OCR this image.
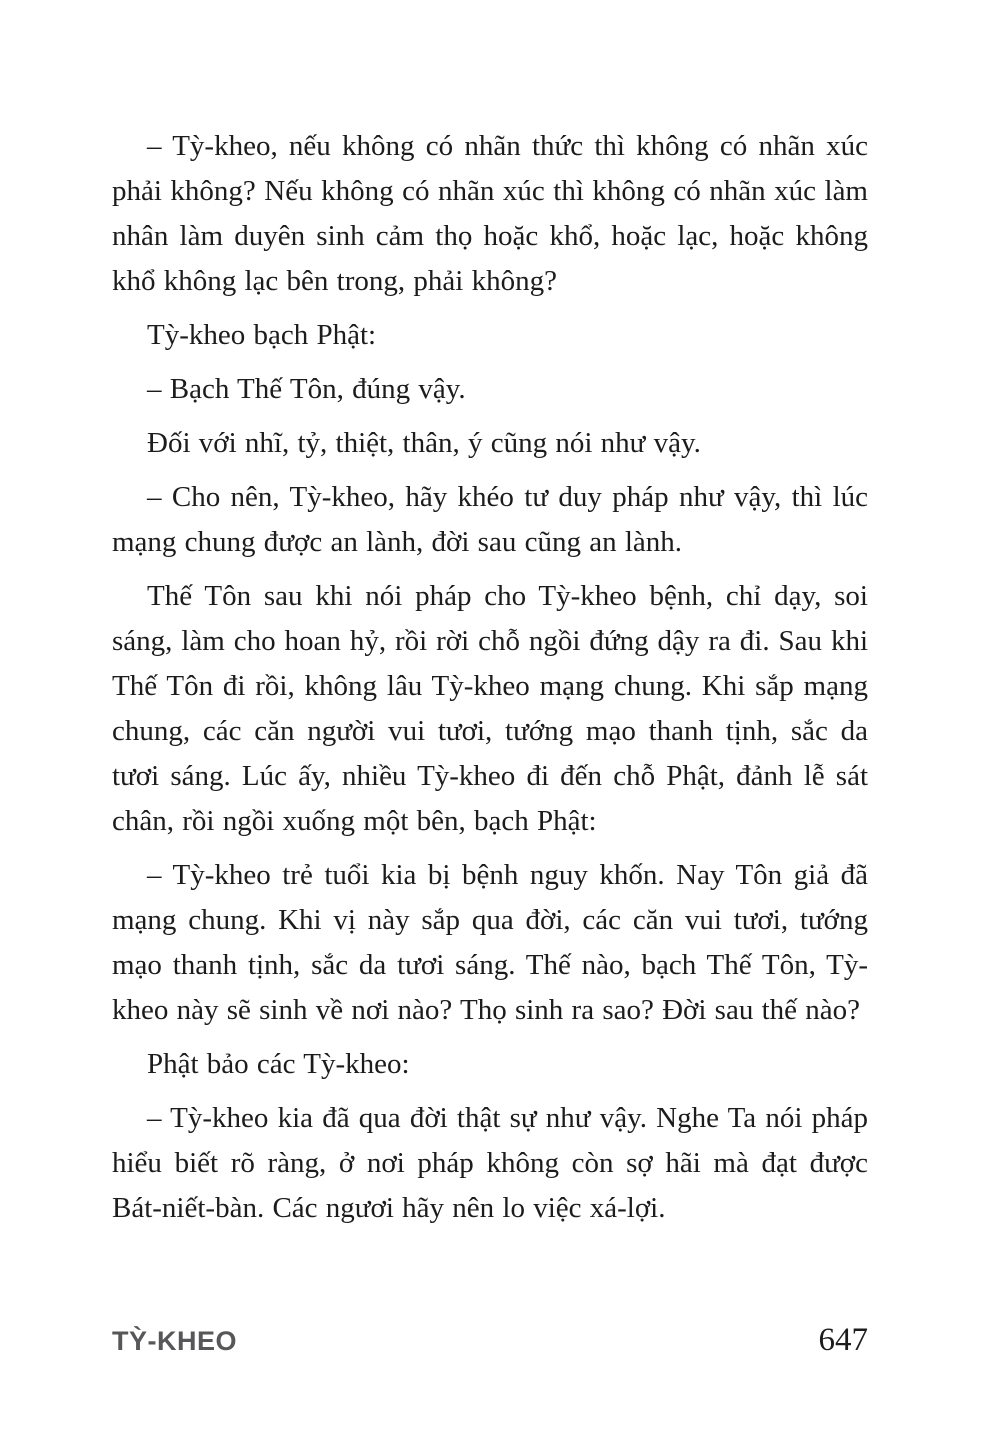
– Tỳ-kheo, nếu không có nhãn thức thì không có nhãn xúc phải không? Nếu không có nhãn xúc thì không có nhãn xúc làm nhân làm duyên sinh cảm thọ hoặc khổ, hoặc lạc, hoặc không khổ không lạc bên trong, phải không?

Tỳ-kheo bạch Phật:

– Bạch Thế Tôn, đúng vậy.

Đối với nhĩ, tỷ, thiệt, thân, ý cũng nói như vậy.

– Cho nên, Tỳ-kheo, hãy khéo tư duy pháp như vậy, thì lúc mạng chung được an lành, đời sau cũng an lành.

Thế Tôn sau khi nói pháp cho Tỳ-kheo bệnh, chỉ dạy, soi sáng, làm cho hoan hỷ, rồi rời chỗ ngồi đứng dậy ra đi. Sau khi Thế Tôn đi rồi, không lâu Tỳ-kheo mạng chung. Khi sắp mạng chung, các căn người vui tươi, tướng mạo thanh tịnh, sắc da tươi sáng. Lúc ấy, nhiều Tỳ-kheo đi đến chỗ Phật, đảnh lễ sát chân, rồi ngồi xuống một bên, bạch Phật:

– Tỳ-kheo trẻ tuổi kia bị bệnh nguy khốn. Nay Tôn giả đã mạng chung. Khi vị này sắp qua đời, các căn vui tươi, tướng mạo thanh tịnh, sắc da tươi sáng. Thế nào, bạch Thế Tôn, Tỳ-kheo này sẽ sinh về nơi nào? Thọ sinh ra sao? Đời sau thế nào?

Phật bảo các Tỳ-kheo:

– Tỳ-kheo kia đã qua đời thật sự như vậy. Nghe Ta nói pháp hiểu biết rõ ràng, ở nơi pháp không còn sợ hãi mà đạt được Bát-niết-bàn. Các ngươi hãy nên lo việc xá-lợi.

TỲ-KHEO	647
